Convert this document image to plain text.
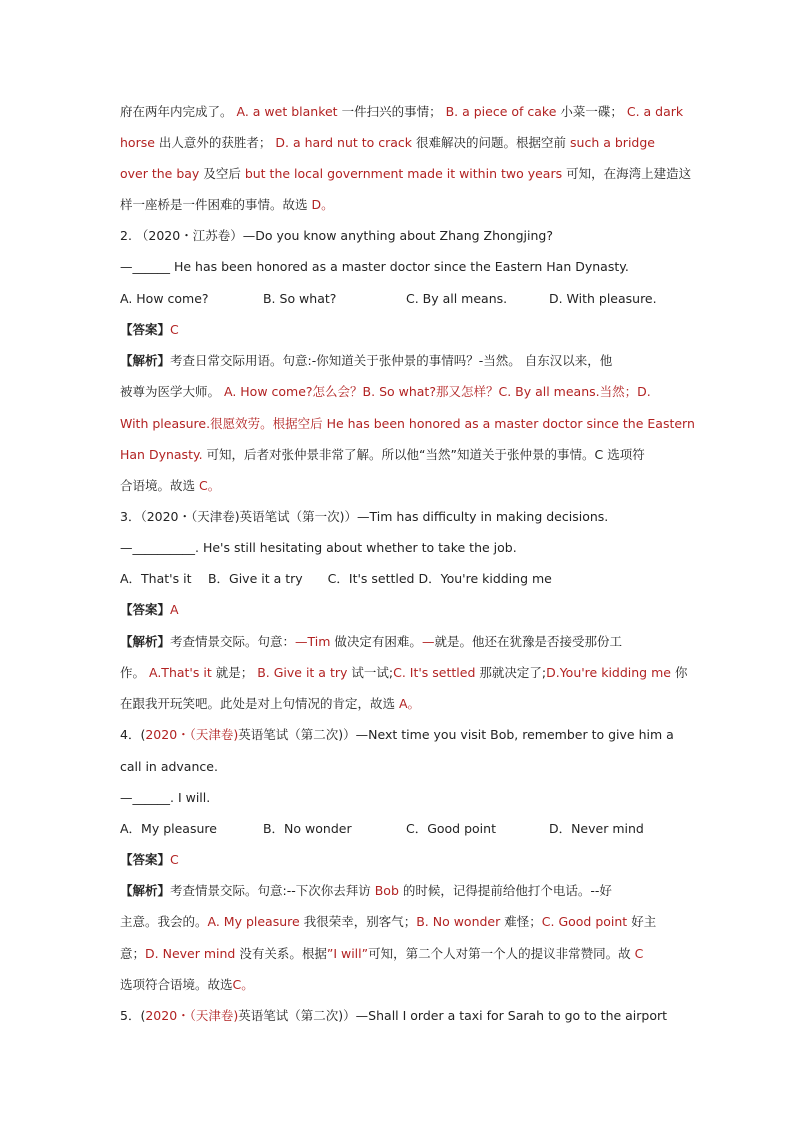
府在两年内完成了。 A. a wet blanket 一件扫兴的事情； B. a piece of cake 小菜一碟； C. a dark
horse 出人意外的获胜者； D. a hard nut to crack 很难解决的问题。根据空前 such a bridge
over the bay 及空后 but the local government made it within two years 可知，在海湾上建造这
样一座桥是一件困难的事情。故选 D。
2. （2020・江苏卷）—Do you know anything about Zhang Zhongjing?
—______ He has been honored as a master doctor since the Eastern Han Dynasty.
A. How come?	B. So what?	C. By all means.	D. With pleasure.
【答案】C
【解析】考查日常交际用语。句意:-你知道关于张仲景的事情吗？-当然。 自东汉以来，他
被尊为医学大师。 A. How come?怎么会？B. So what?那又怎样？C. By all means.当然；D.
With pleasure.很愿效劳。根据空后 He has been honored as a master doctor since the Eastern
Han Dynasty. 可知，后者对张仲景非常了解。所以他“当然”知道关于张仲景的事情。C 选项符
合语境。故选 C。
3．（2020・（天津卷)英语笔试（第一次)）—Tim has difficulty in making decisions.
—__________. He's still hesitating about whether to take the job.
A．That's it　 B．Give it a try　　C．It's settled D．You're kidding me
【答案】A
【解析】考查情景交际。句意：—Tim 做决定有困难。—就是。他还在犹豫是否接受那份工
作。 A.That's it 就是； B. Give it a try 试一试;C. It's settled 那就决定了;D.You're kidding me 你
在跟我开玩笑吧。此处是对上句情况的肯定，故选 A。
4．(2020・（天津卷)英语笔试（第二次)）—Next time you visit Bob, remember to give him a
call in advance.
—______. I will.
A．My pleasure	B．No wonder	C．Good point	D．Never mind
【答案】C
【解析】考查情景交际。句意:--下次你去拜访 Bob 的时候，记得提前给他打个电话。--好
主意。我会的。A. My pleasure 我很荣幸，别客气；B. No wonder 难怪；C. Good point 好主
意；D. Never mind 没有关系。根据”I will”可知，第二个人对第一个人的提议非常赞同。故 C
选项符合语境。故选C。
5．(2020・（天津卷)英语笔试（第二次)）—Shall I order a taxi for Sarah to go to the airport
